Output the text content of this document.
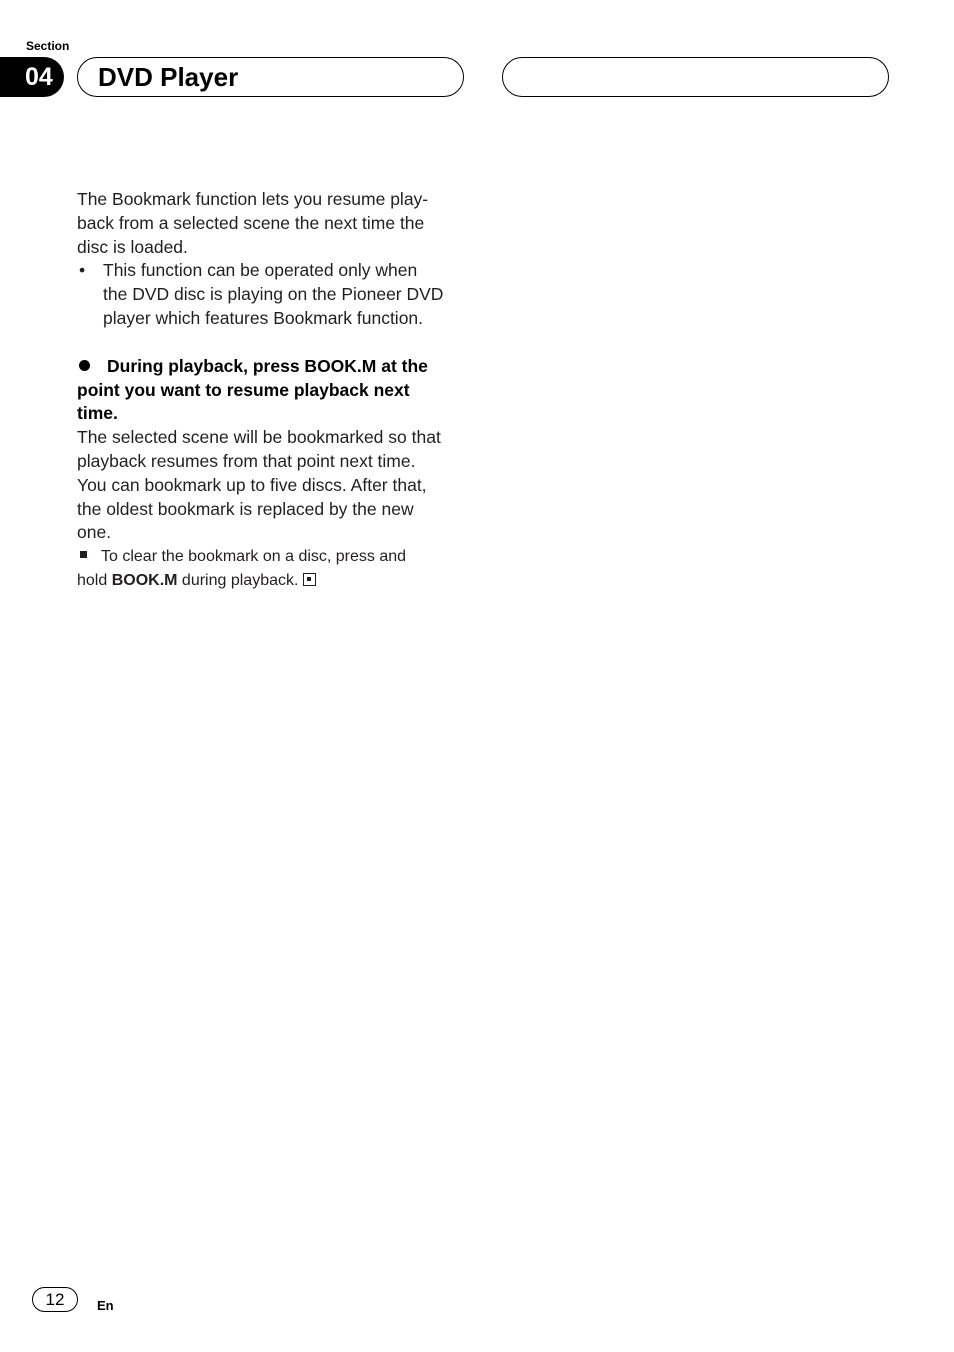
Section
04	DVD Player

The Bookmark function lets you resume play-
back from a selected scene the next time the
disc is loaded.

• This function can be operated only when
the DVD disc is playing on the Pioneer DVD
player which features Bookmark function.

During playback, press BOOK.M at the
point you want to resume playback next
time.

The selected scene will be bookmarked so that
playback resumes from that point next time.
You can bookmark up to five discs. After that,
the oldest bookmark is replaced by the new
one.

To clear the bookmark on a disc, press and
hold BOOK.M during playback.

12	En
